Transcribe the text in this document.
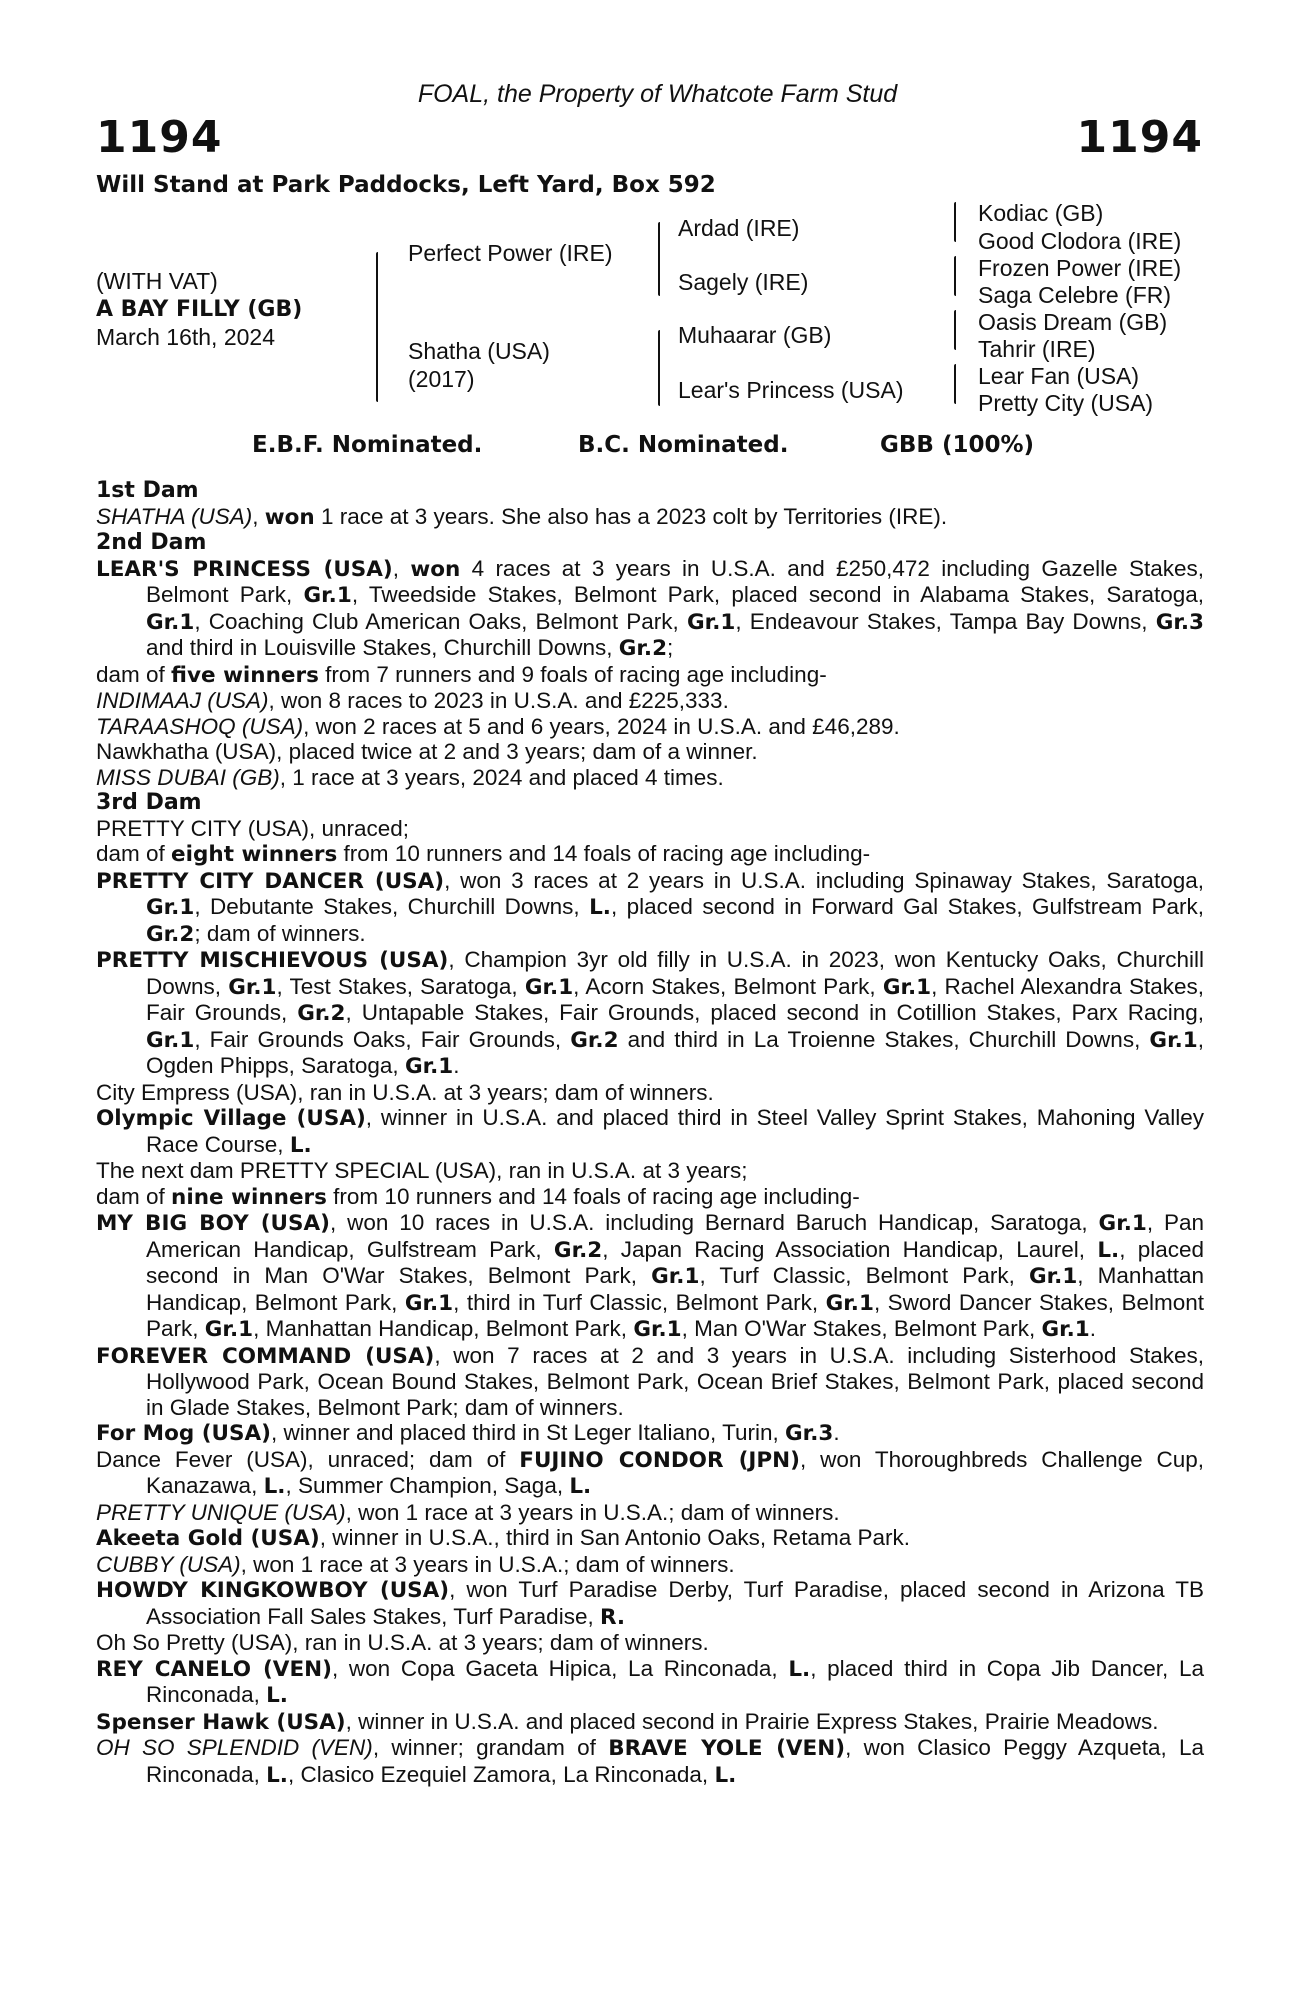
FOAL, the Property of Whatcote Farm Stud
1194	1194
Will Stand at Park Paddocks, Left Yard, Box 592
(WITH VAT)
A BAY FILLY (GB)
March 16th, 2024
Perfect Power (IRE)
Shatha (USA)
(2017)
Ardad (IRE)
Sagely (IRE)
Muhaarar (GB)
Lear's Princess (USA)
Kodiac (GB)
Good Clodora (IRE)
Frozen Power (IRE)
Saga Celebre (FR)
Oasis Dream (GB)
Tahrir (IRE)
Lear Fan (USA)
Pretty City (USA)
E.B.F. Nominated.	B.C. Nominated.	GBB (100%)

1st Dam

SHATHA (USA), won 1 race at 3 years. She also has a 2023 colt by Territories (IRE).

2nd Dam

LEAR'S PRINCESS (USA), won 4 races at 3 years in U.S.A. and £250,472 including Gazelle Stakes, Belmont Park, Gr.1, Tweedside Stakes, Belmont Park, placed second in Alabama Stakes, Saratoga, Gr.1, Coaching Club American Oaks, Belmont Park, Gr.1, Endeavour Stakes, Tampa Bay Downs, Gr.3 and third in Louisville Stakes, Churchill Downs, Gr.2;

dam of five winners from 7 runners and 9 foals of racing age including-

INDIMAAJ (USA), won 8 races to 2023 in U.S.A. and £225,333.

TARAASHOQ (USA), won 2 races at 5 and 6 years, 2024 in U.S.A. and £46,289.

Nawkhatha (USA), placed twice at 2 and 3 years; dam of a winner.

MISS DUBAI (GB), 1 race at 3 years, 2024 and placed 4 times.

3rd Dam

PRETTY CITY (USA), unraced;

dam of eight winners from 10 runners and 14 foals of racing age including-

PRETTY CITY DANCER (USA), won 3 races at 2 years in U.S.A. including Spinaway Stakes, Saratoga, Gr.1, Debutante Stakes, Churchill Downs, L., placed second in Forward Gal Stakes, Gulfstream Park, Gr.2; dam of winners.

PRETTY MISCHIEVOUS (USA), Champion 3yr old filly in U.S.A. in 2023, won Kentucky Oaks, Churchill Downs, Gr.1, Test Stakes, Saratoga, Gr.1, Acorn Stakes, Belmont Park, Gr.1, Rachel Alexandra Stakes, Fair Grounds, Gr.2, Untapable Stakes, Fair Grounds, placed second in Cotillion Stakes, Parx Racing, Gr.1, Fair Grounds Oaks, Fair Grounds, Gr.2 and third in La Troienne Stakes, Churchill Downs, Gr.1, Ogden Phipps, Saratoga, Gr.1.

City Empress (USA), ran in U.S.A. at 3 years; dam of winners.

Olympic Village (USA), winner in U.S.A. and placed third in Steel Valley Sprint Stakes, Mahoning Valley Race Course, L.

The next dam PRETTY SPECIAL (USA), ran in U.S.A. at 3 years;

dam of nine winners from 10 runners and 14 foals of racing age including-

MY BIG BOY (USA), won 10 races in U.S.A. including Bernard Baruch Handicap, Saratoga, Gr.1, Pan American Handicap, Gulfstream Park, Gr.2, Japan Racing Association Handicap, Laurel, L., placed second in Man O'War Stakes, Belmont Park, Gr.1, Turf Classic, Belmont Park, Gr.1, Manhattan Handicap, Belmont Park, Gr.1, third in Turf Classic, Belmont Park, Gr.1, Sword Dancer Stakes, Belmont Park, Gr.1, Manhattan Handicap, Belmont Park, Gr.1, Man O'War Stakes, Belmont Park, Gr.1.

FOREVER COMMAND (USA), won 7 races at 2 and 3 years in U.S.A. including Sisterhood Stakes, Hollywood Park, Ocean Bound Stakes, Belmont Park, Ocean Brief Stakes, Belmont Park, placed second in Glade Stakes, Belmont Park; dam of winners.

For Mog (USA), winner and placed third in St Leger Italiano, Turin, Gr.3.

Dance Fever (USA), unraced; dam of FUJINO CONDOR (JPN), won Thoroughbreds Challenge Cup, Kanazawa, L., Summer Champion, Saga, L.

PRETTY UNIQUE (USA), won 1 race at 3 years in U.S.A.; dam of winners.

Akeeta Gold (USA), winner in U.S.A., third in San Antonio Oaks, Retama Park.

CUBBY (USA), won 1 race at 3 years in U.S.A.; dam of winners.

HOWDY KINGKOWBOY (USA), won Turf Paradise Derby, Turf Paradise, placed second in Arizona TB Association Fall Sales Stakes, Turf Paradise, R.

Oh So Pretty (USA), ran in U.S.A. at 3 years; dam of winners.

REY CANELO (VEN), won Copa Gaceta Hipica, La Rinconada, L., placed third in Copa Jib Dancer, La Rinconada, L.

Spenser Hawk (USA), winner in U.S.A. and placed second in Prairie Express Stakes, Prairie Meadows.

OH SO SPLENDID (VEN), winner; grandam of BRAVE YOLE (VEN), won Clasico Peggy Azqueta, La Rinconada, L., Clasico Ezequiel Zamora, La Rinconada, L.
